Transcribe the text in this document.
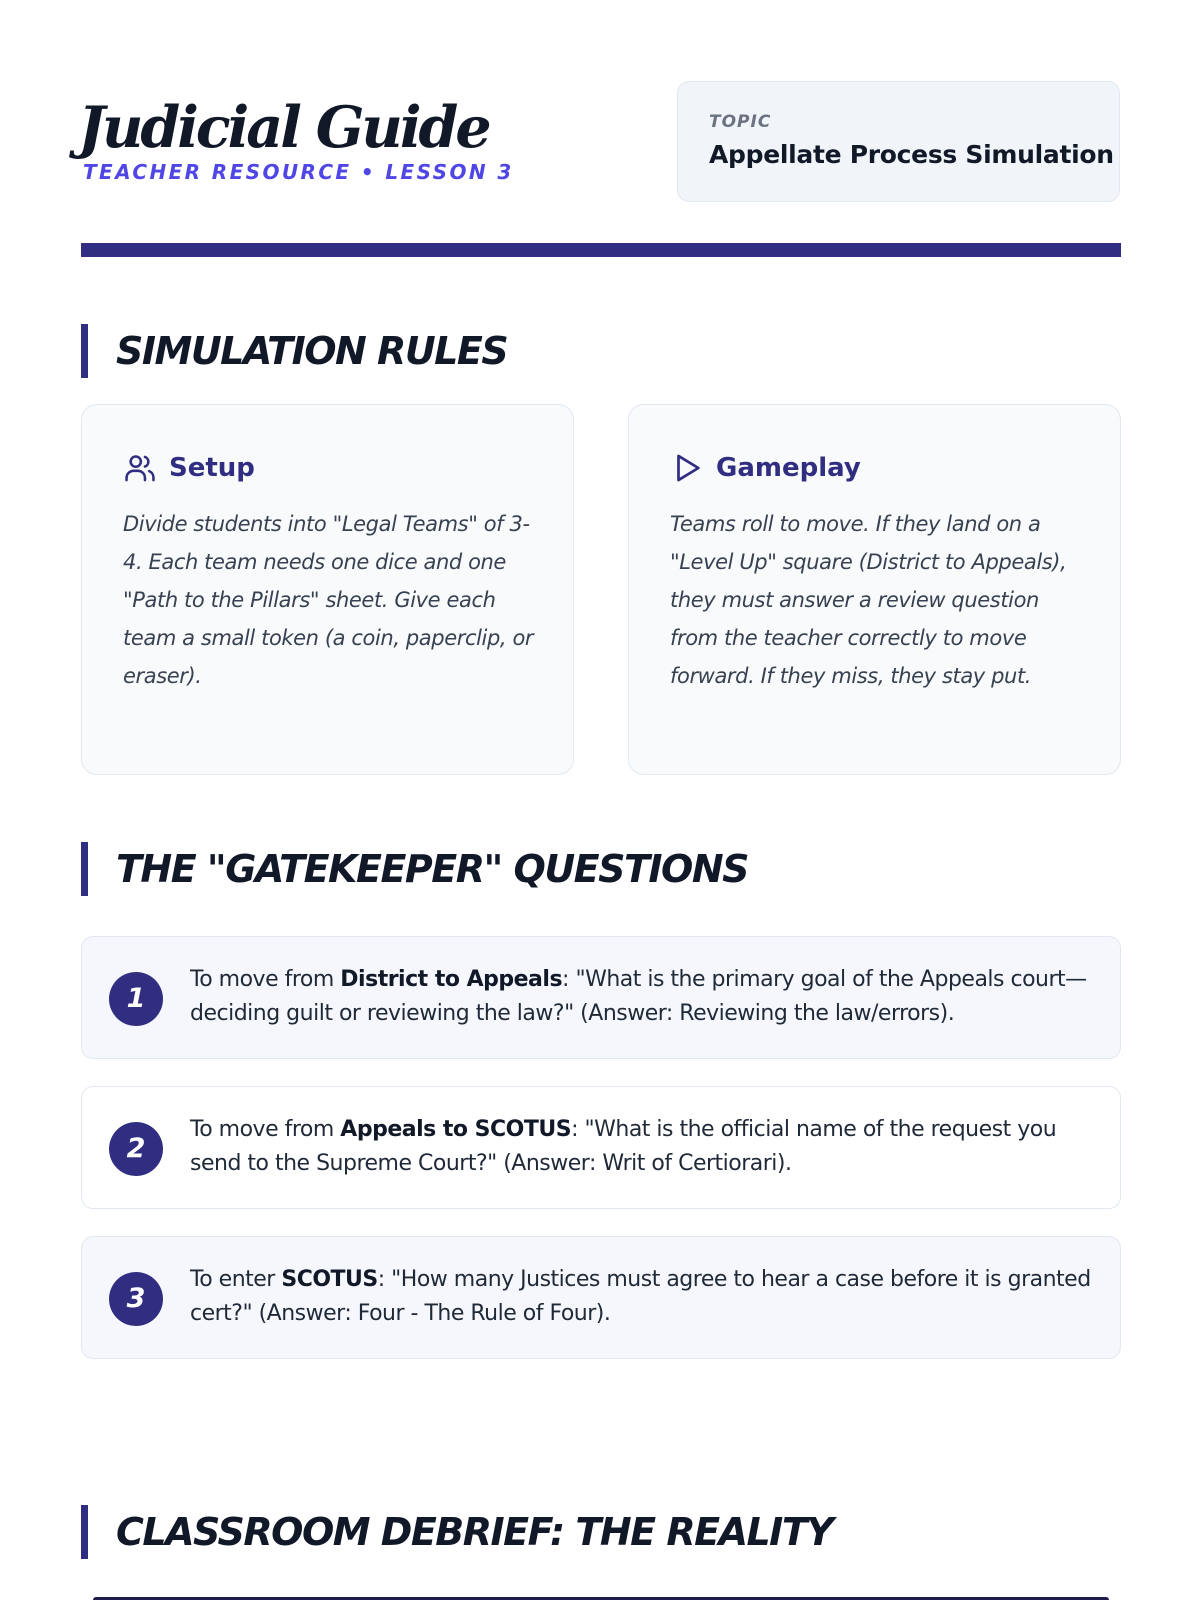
Judicial Guide
TEACHER RESOURCE • LESSON 3
TOPIC
Appellate Process Simulation
SIMULATION RULES
Setup

Divide students into "Legal Teams" of 3-4. Each team needs one dice and one "Path to the Pillars" sheet. Give each team a small token (a coin, paperclip, or eraser).

Gameplay

Teams roll to move. If they land on a "Level Up" square (District to Appeals), they must answer a review question from the teacher correctly to move forward. If they miss, they stay put.

THE "GATEKEEPER" QUESTIONS
1

To move from District to Appeals: "What is the primary goal of the Appeals court—deciding guilt or reviewing the law?" (Answer: Reviewing the law/errors).

2

To move from Appeals to SCOTUS: "What is the official name of the request you send to the Supreme Court?" (Answer: Writ of Certiorari).

3

To enter SCOTUS: "How many Justices must agree to hear a case before it is granted cert?" (Answer: Four - The Rule of Four).

CLASSROOM DEBRIEF: THE REALITY
